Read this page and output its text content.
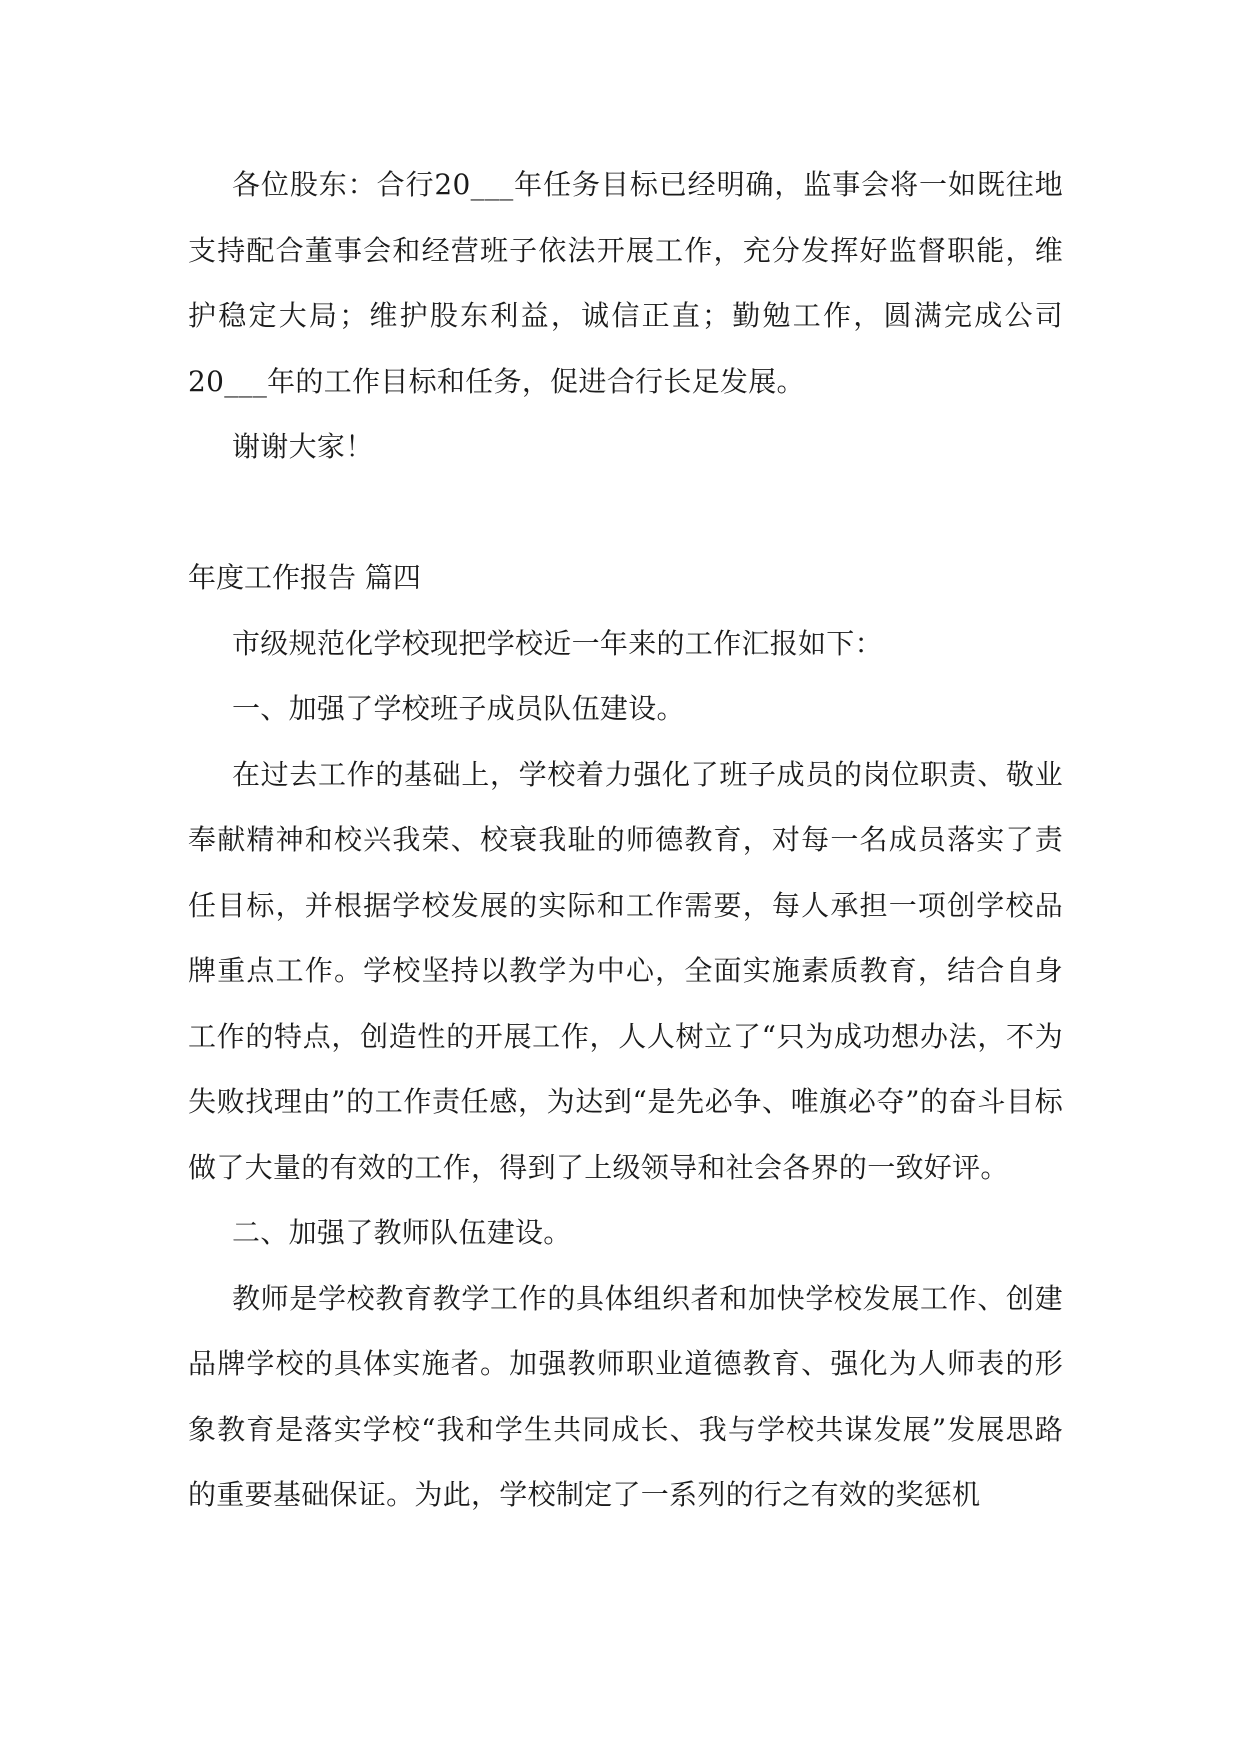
各位股东：合行20___年任务目标已经明确，监事会将一如既往地支持配合董事会和经营班子依法开展工作，充分发挥好监督职能，维护稳定大局；维护股东利益，诚信正直；勤勉工作，圆满完成公司20___年的工作目标和任务，促进合行长足发展。

谢谢大家！

年度工作报告 篇四

市级规范化学校现把学校近一年来的工作汇报如下：

一、加强了学校班子成员队伍建设。

在过去工作的基础上，学校着力强化了班子成员的岗位职责、敬业奉献精神和校兴我荣、校衰我耻的师德教育，对每一名成员落实了责任目标，并根据学校发展的实际和工作需要，每人承担一项创学校品牌重点工作。学校坚持以教学为中心，全面实施素质教育，结合自身工作的特点，创造性的开展工作，人人树立了“只为成功想办法，不为失败找理由”的工作责任感，为达到“是先必争、唯旗必夺”的奋斗目标做了大量的有效的工作，得到了上级领导和社会各界的一致好评。

二、加强了教师队伍建设。

教师是学校教育教学工作的具体组织者和加快学校发展工作、创建品牌学校的具体实施者。加强教师职业道德教育、强化为人师表的形象教育是落实学校“我和学生共同成长、我与学校共谋发展”发展思路的重要基础保证。为此，学校制定了一系列的行之有效的奖惩机
